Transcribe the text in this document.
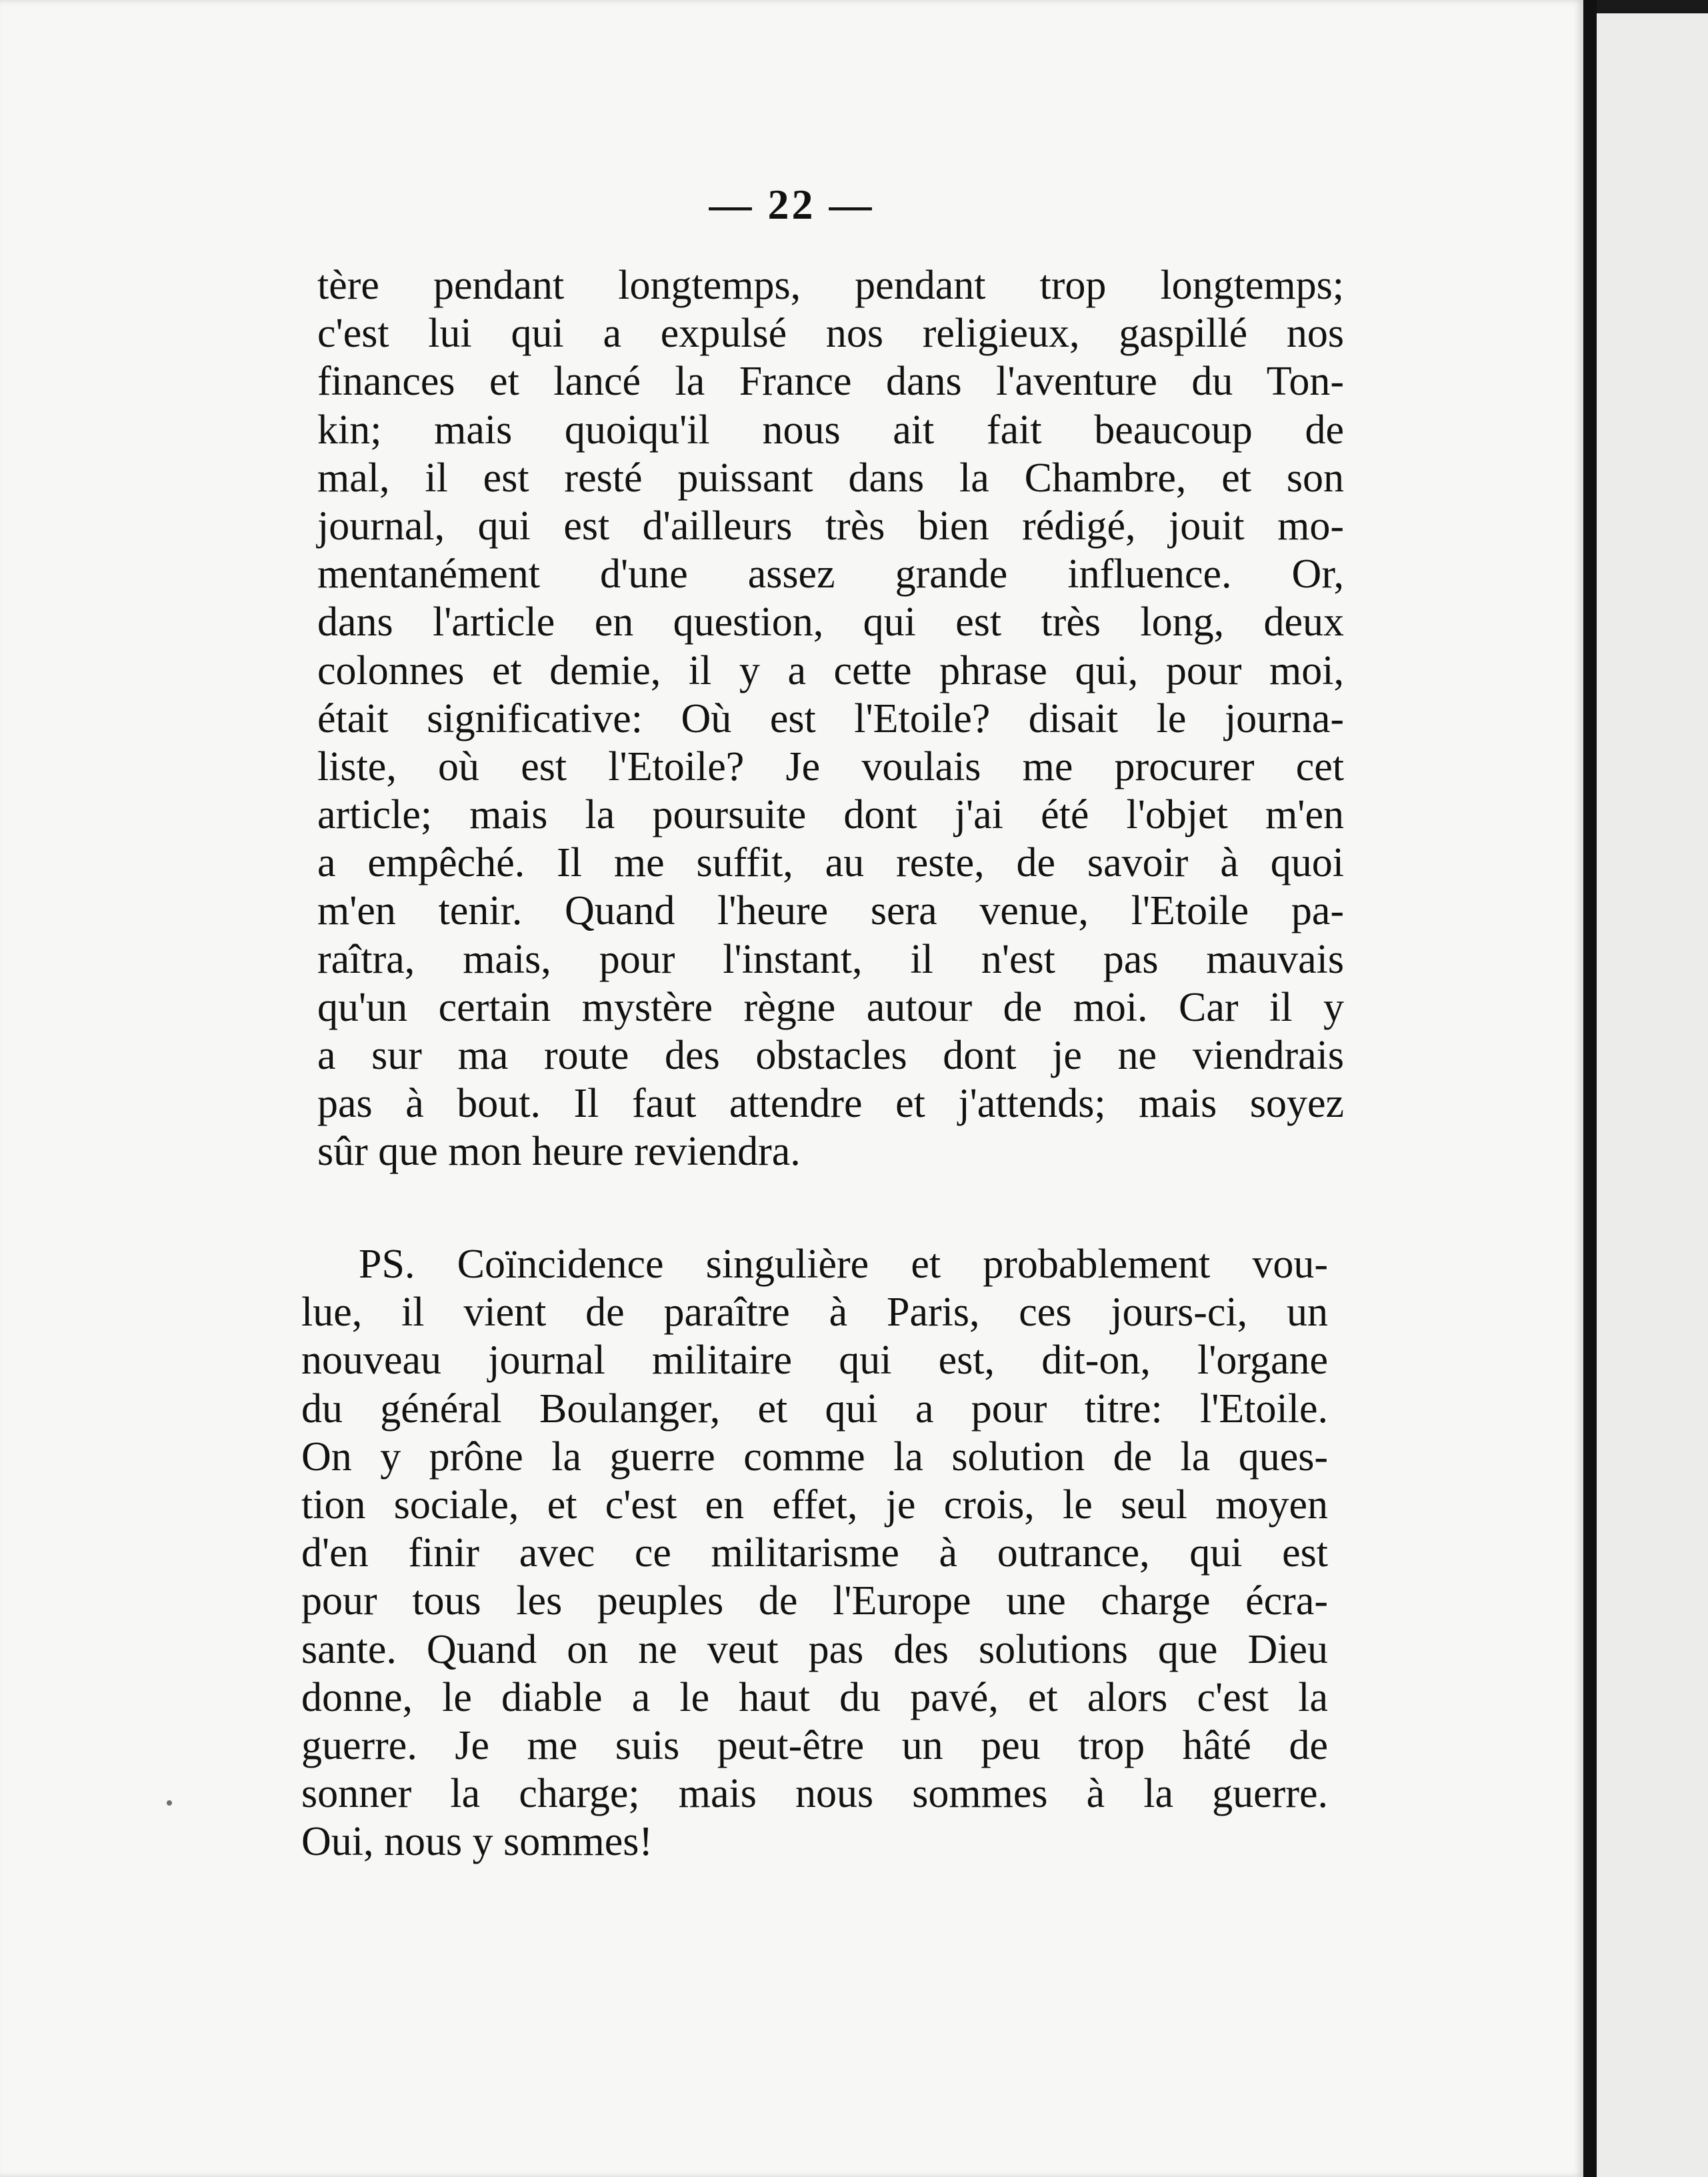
— 22 —
tère pendant longtemps, pendant trop longtemps;
c'est lui qui a expulsé nos religieux, gaspillé nos
finances et lancé la France dans l'aventure du Ton-
kin; mais quoiqu'il nous ait fait beaucoup de
mal, il est resté puissant dans la Chambre, et son
journal, qui est d'ailleurs très bien rédigé, jouit mo-
mentanément d'une assez grande influence. Or,
dans l'article en question, qui est très long, deux
colonnes et demie, il y a cette phrase qui, pour moi,
était significative: Où est l'Etoile? disait le journa-
liste, où est l'Etoile? Je voulais me procurer cet
article; mais la poursuite dont j'ai été l'objet m'en
a empêché. Il me suffit, au reste, de savoir à quoi
m'en tenir. Quand l'heure sera venue, l'Etoile pa-
raîtra, mais, pour l'instant, il n'est pas mauvais
qu'un certain mystère règne autour de moi. Car il y
a sur ma route des obstacles dont je ne viendrais
pas à bout. Il faut attendre et j'attends; mais soyez
sûr que mon heure reviendra.
PS. Coïncidence singulière et probablement vou-
lue, il vient de paraître à Paris, ces jours-ci, un
nouveau journal militaire qui est, dit-on, l'organe
du général Boulanger, et qui a pour titre: l'Etoile.
On y prône la guerre comme la solution de la ques-
tion sociale, et c'est en effet, je crois, le seul moyen
d'en finir avec ce militarisme à outrance, qui est
pour tous les peuples de l'Europe une charge écra-
sante. Quand on ne veut pas des solutions que Dieu
donne, le diable a le haut du pavé, et alors c'est la
guerre. Je me suis peut-être un peu trop hâté de
sonner la charge; mais nous sommes à la guerre.
Oui, nous y sommes!
